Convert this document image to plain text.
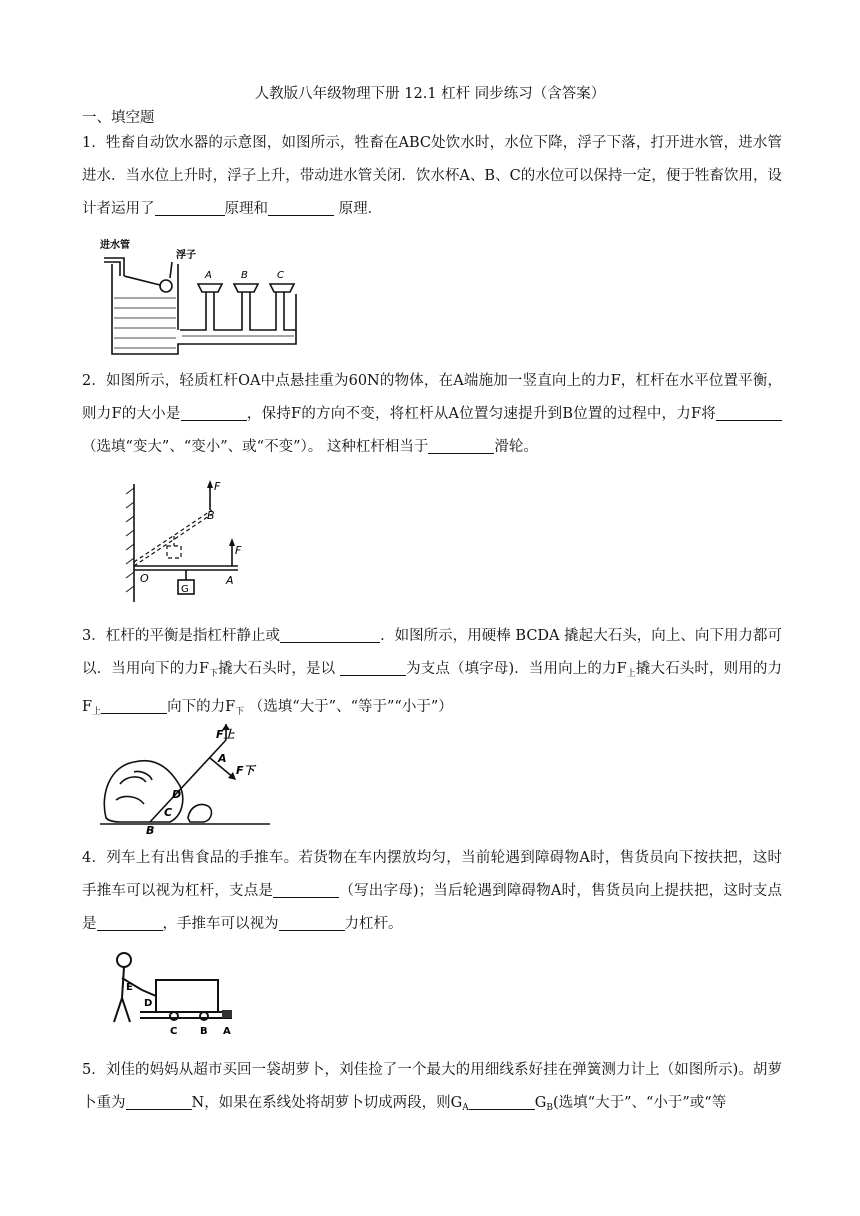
人教版八年级物理下册 12.1 杠杆 同步练习（含答案）
一、填空题
1．牲畜自动饮水器的示意图，如图所示，牲畜在ABC处饮水时，水位下降，浮子下落，打开进水管，进水管进水．当水位上升时，浮子上升，带动进水管关闭．饮水杯A、B、C的水位可以保持一定，便于牲畜饮用，设计者运用了	原理和	原理．
进水管
浮子
A	B	C
2．如图所示，轻质杠杆OA中点悬挂重为60N的物体，在A端施加一竖直向上的力F，杠杆在水平位置平衡，则力F的大小是	，保持F的方向不变，将杠杆从A位置匀速提升到B位置的过程中，力F将（选填“变大”、“变小”、或“不变”）。 这种杠杆相当于	滑轮。
F
B
F
O
G
A
3．杠杆的平衡是指杠杆静止或	．如图所示，用硬棒 BCDA 撬起大石头，向上、向下用力都可以．当用向下的力$F_下$撬大石头时，是以	为支点（填字母)．当用向上的力$F_上$撬大石头时，则用的力$F_上$	向下的力$F_下$ （选填“大于”、“等于”“小于”）
F上
F下
A
D
C
B
4．列车上有出售食品的手推车。若货物在车内摆放均匀，当前轮遇到障碍物A时，售货员向下按扶把，这时手推车可以视为杠杆，支点是	（写出字母)；当后轮遇到障碍物A时，售货员向上提扶把，这时支点是	，手推车可以视为	力杠杆。
E
D
C B A
5．刘佳的妈妈从超市买回一袋胡萝卜，刘佳捡了一个最大的用细线系好挂在弹簧测力计上（如图所示)。胡萝卜重为	N，如果在系线处将胡萝卜切成两段，则$G_A$	$G_B$(选填“大于”、“小于”或“等
